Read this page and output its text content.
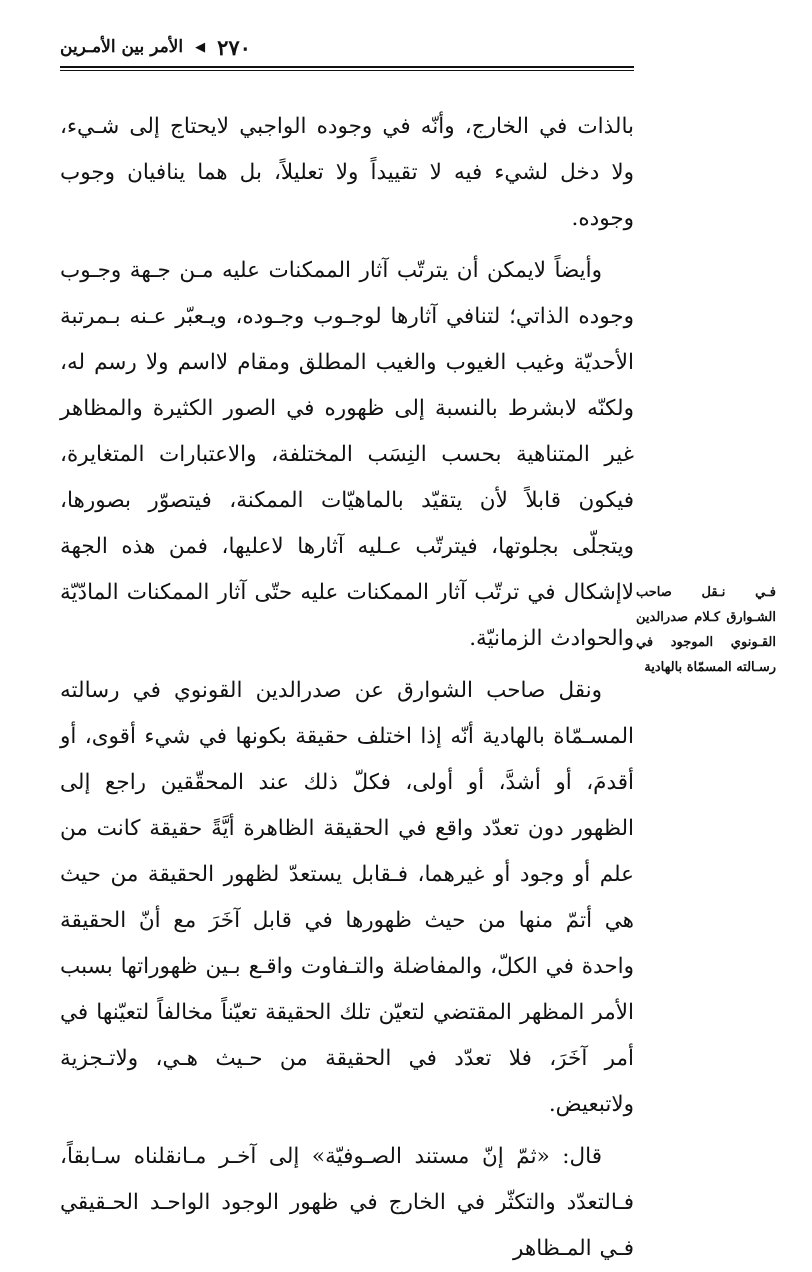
٢٧٠
◀
الأمر بين الأمـرين

بالذات في الخارج، وأنّه في وجوده الواجبي لايحتاج إلى شـيء، ولا دخل لشيء فيه لا تقييداً ولا تعليلاً، بل هما ينافيان وجوب وجوده.

وأيضاً لايمكن أن يترتّب آثار الممكنات عليه مـن جـهة وجـوب وجوده الذاتي؛ لتنافي آثارها لوجـوب وجـوده، ويـعبّر عـنه بـمرتبة الأحديّة وغيب الغيوب والغيب المطلق ومقام لااسم ولا رسم له، ولكنّه لابشرط بالنسبة إلى ظهوره في الصور الكثيرة والمظاهر غير المتناهية بحسب النِسَب المختلفة، والاعتبارات المتغايرة، فيكون قابلاً لأن يتقيّد بالماهيّات الممكنة، فيتصوّر بصورها، ويتجلّى بجلوتها، فيترتّب عـليه آثارها لاعليها، فمن هذه الجهة لاإشكال في ترتّب آثار الممكنات عليه حتّى آثار الممكنات المادّيّة والحوادث الزمانيّة.

ونقل صاحب الشوارق عن صدرالدين القونوي في رسالته المسـمّاة بالهادية أنّه إذا اختلف حقيقة بكونها في شيء أقوى، أو أقدمَ، أو أشدَّ، أو أولى، فكلّ ذلك عند المحقّقين راجع إلى الظهور دون تعدّد واقع في الحقيقة الظاهرة أيَّةً حقيقة كانت من علم أو وجود أو غيرهما، فـقابل يستعدّ لظهور الحقيقة من حيث هي أتمّ منها من حيث ظهورها في قابل آخَرَ مع أنّ الحقيقة واحدة في الكلّ، والمفاضلة والتـفاوت واقـع بـين ظهوراتها بسبب الأمر المظهر المقتضي لتعيّن تلك الحقيقة تعيّناً مخالفاً لتعيّنها في أمر آخَرَ، فلا تعدّد في الحقيقة من حـيث هـي، ولاتـجزية ولاتبعيض.

قال: «ثمّ إنّ مستند الصـوفيّة» إلى آخـر مـانقلناه سـابقاً، فـالتعدّد والتكثّر في الخارج في ظهور الوجود الواحـد الحـقيقي فـي المـظاهر

فـي نـقل صاحب الشـوارق كـلام صدرالدين القـونوي الموجود في رسـالته المسمّاة بالهادية
